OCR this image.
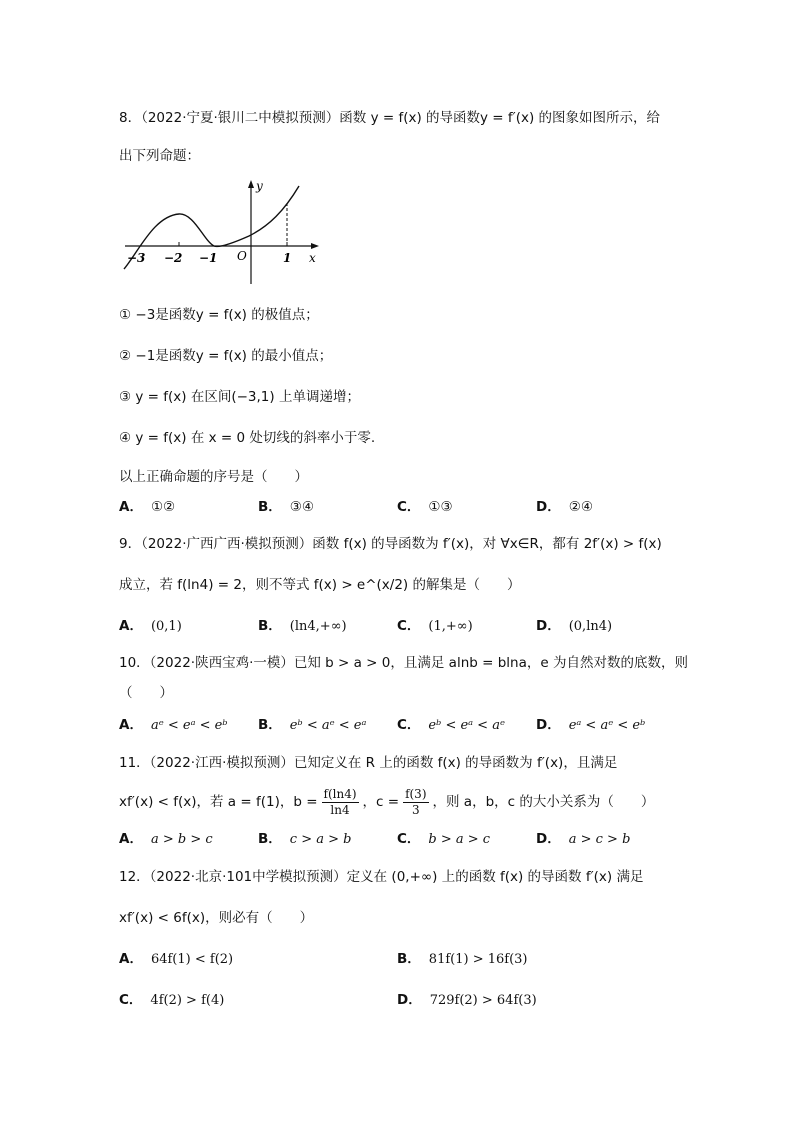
8．（2022·宁夏·银川二中模拟预测）函数 y = f(x) 的导函数y = f′(x) 的图象如图所示，给
出下列命题：
y
x
O
−3 −2 −1	1
① −3是函数y = f(x) 的极值点；
② −1是函数y = f(x) 的最小值点；
③ y = f(x) 在区间(−3,1) 上单调递增；
④ y = f(x) 在 x = 0 处切线的斜率小于零.
以上正确命题的序号是（　　）
A． ①②	B． ③④	C． ①③	D． ②④
9．（2022·广西广西·模拟预测）函数 f(x) 的导函数为 f′(x)，对 ∀x∈R，都有 2f′(x) > f(x)
成立，若 f(ln4) = 2，则不等式 f(x) > e^(x/2) 的解集是（　　）
A． (0,1)	B． (ln4,+∞)	C． (1,+∞)	D． (0,ln4)
10．（2022·陕西宝鸡·一模）已知 b > a > 0，且满足 alnb = blna，e 为自然对数的底数，则
（　　）
A． aᵉ < eᵃ < eᵇ B． eᵇ < aᵉ < eᵃ C． eᵇ < eᵃ < aᵉ D． eᵃ < aᵉ < eᵇ
11．（2022·江西·模拟预测）已知定义在 R 上的函数 f(x) 的导函数为 f′(x)，且满足
xf′(x) < f(x)，若 a = f(1)，$b = \frac{f(\ln 4)}{\ln 4}$ ，$c = \frac{f(3)}{3}$ ，则 a，b，c 的大小关系为（　　）
A． a > b > c	B． c > a > b	C． b > a > c	D． a > c > b
12．（2022·北京·101中学模拟预测）定义在 (0,+∞) 上的函数 f(x) 的导函数 f′(x) 满足
xf′(x) < 6f(x)，则必有（　　）
A． 64f(1) < f(2)	B． 81f(1) > 16f(3)
C． 4f(2) > f(4)	D． 729f(2) > 64f(3)
